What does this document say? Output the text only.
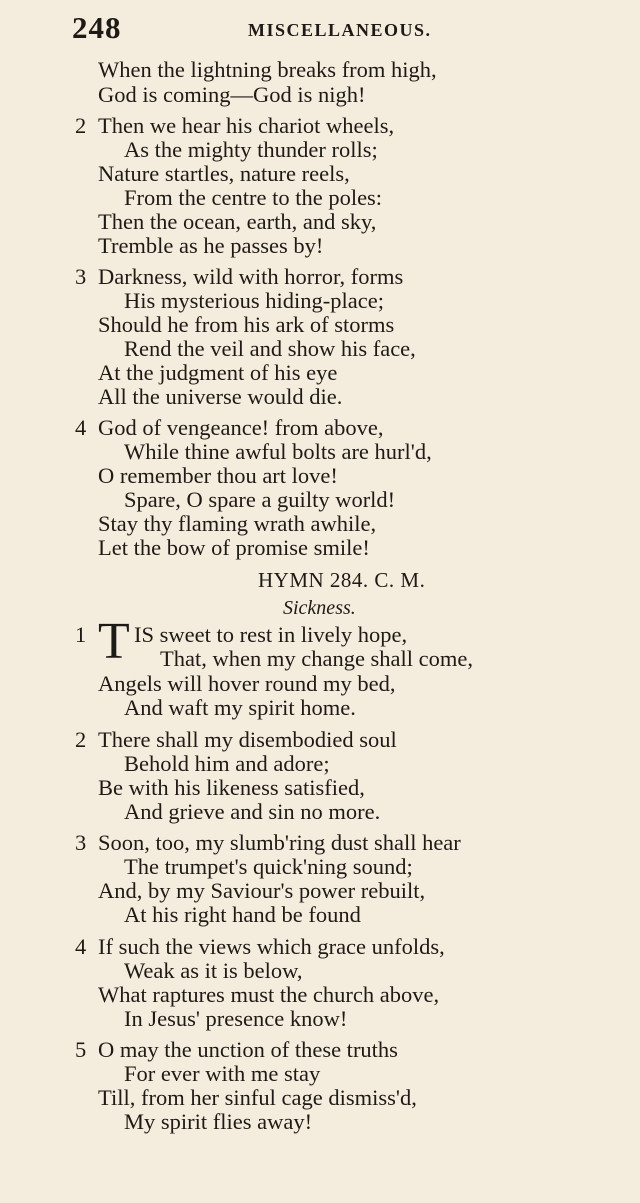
248	MISCELLANEOUS.
When the lightning breaks from high,
God is coming—God is nigh!
2 Then we hear his chariot wheels,
As the mighty thunder rolls;
Nature startles, nature reels,
From the centre to the poles:
Then the ocean, earth, and sky,
Tremble as he passes by!
3 Darkness, wild with horror, forms
His mysterious hiding-place;
Should he from his ark of storms
Rend the veil and show his face,
At the judgment of his eye
All the universe would die.
4 God of vengeance! from above,
While thine awful bolts are hurl'd,
O remember thou art love!
Spare, O spare a guilty world!
Stay thy flaming wrath awhile,
Let the bow of promise smile!
HYMN 284. C. M.
Sickness.
1 T IS sweet to rest in lively hope,
That, when my change shall come,
Angels will hover round my bed,
And waft my spirit home.
2 There shall my disembodied soul
Behold him and adore;
Be with his likeness satisfied,
And grieve and sin no more.
3 Soon, too, my slumb'ring dust shall hear
The trumpet's quick'ning sound;
And, by my Saviour's power rebuilt,
At his right hand be found
4 If such the views which grace unfolds,
Weak as it is below,
What raptures must the church above,
In Jesus' presence know!
5 O may the unction of these truths
For ever with me stay
Till, from her sinful cage dismiss'd,
My spirit flies away!
